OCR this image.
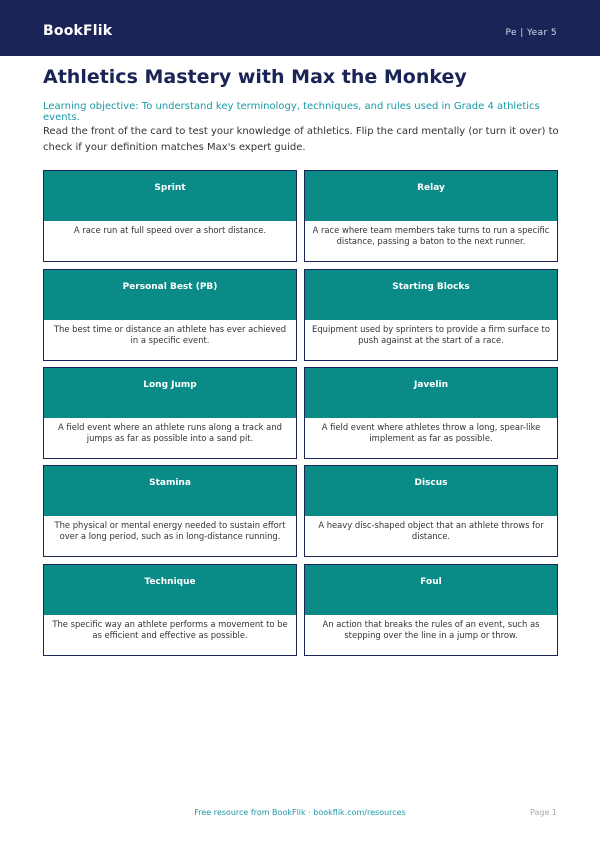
BookFlik	Pe | Year 5
Athletics Mastery with Max the Monkey

Learning objective: To understand key terminology, techniques, and rules used in Grade 4 athletics events.

Read the front of the card to test your knowledge of athletics. Flip the card mentally (or turn it over) to check if your definition matches Max's expert guide.

Sprint
A race run at full speed over a short distance.
Relay
A race where team members take turns to run a specific distance, passing a baton to the next runner.
Personal Best (PB)
The best time or distance an athlete has ever achieved in a specific event.
Starting Blocks
Equipment used by sprinters to provide a firm surface to push against at the start of a race.
Long Jump
A field event where an athlete runs along a track and jumps as far as possible into a sand pit.
Javelin
A field event where athletes throw a long, spear-like implement as far as possible.
Stamina
The physical or mental energy needed to sustain effort over a long period, such as in long-distance running.
Discus
A heavy disc-shaped object that an athlete throws for distance.
Technique
The specific way an athlete performs a movement to be as efficient and effective as possible.
Foul
An action that breaks the rules of an event, such as stepping over the line in a jump or throw.
Free resource from BookFlik · bookflik.com/resources	Page 1
